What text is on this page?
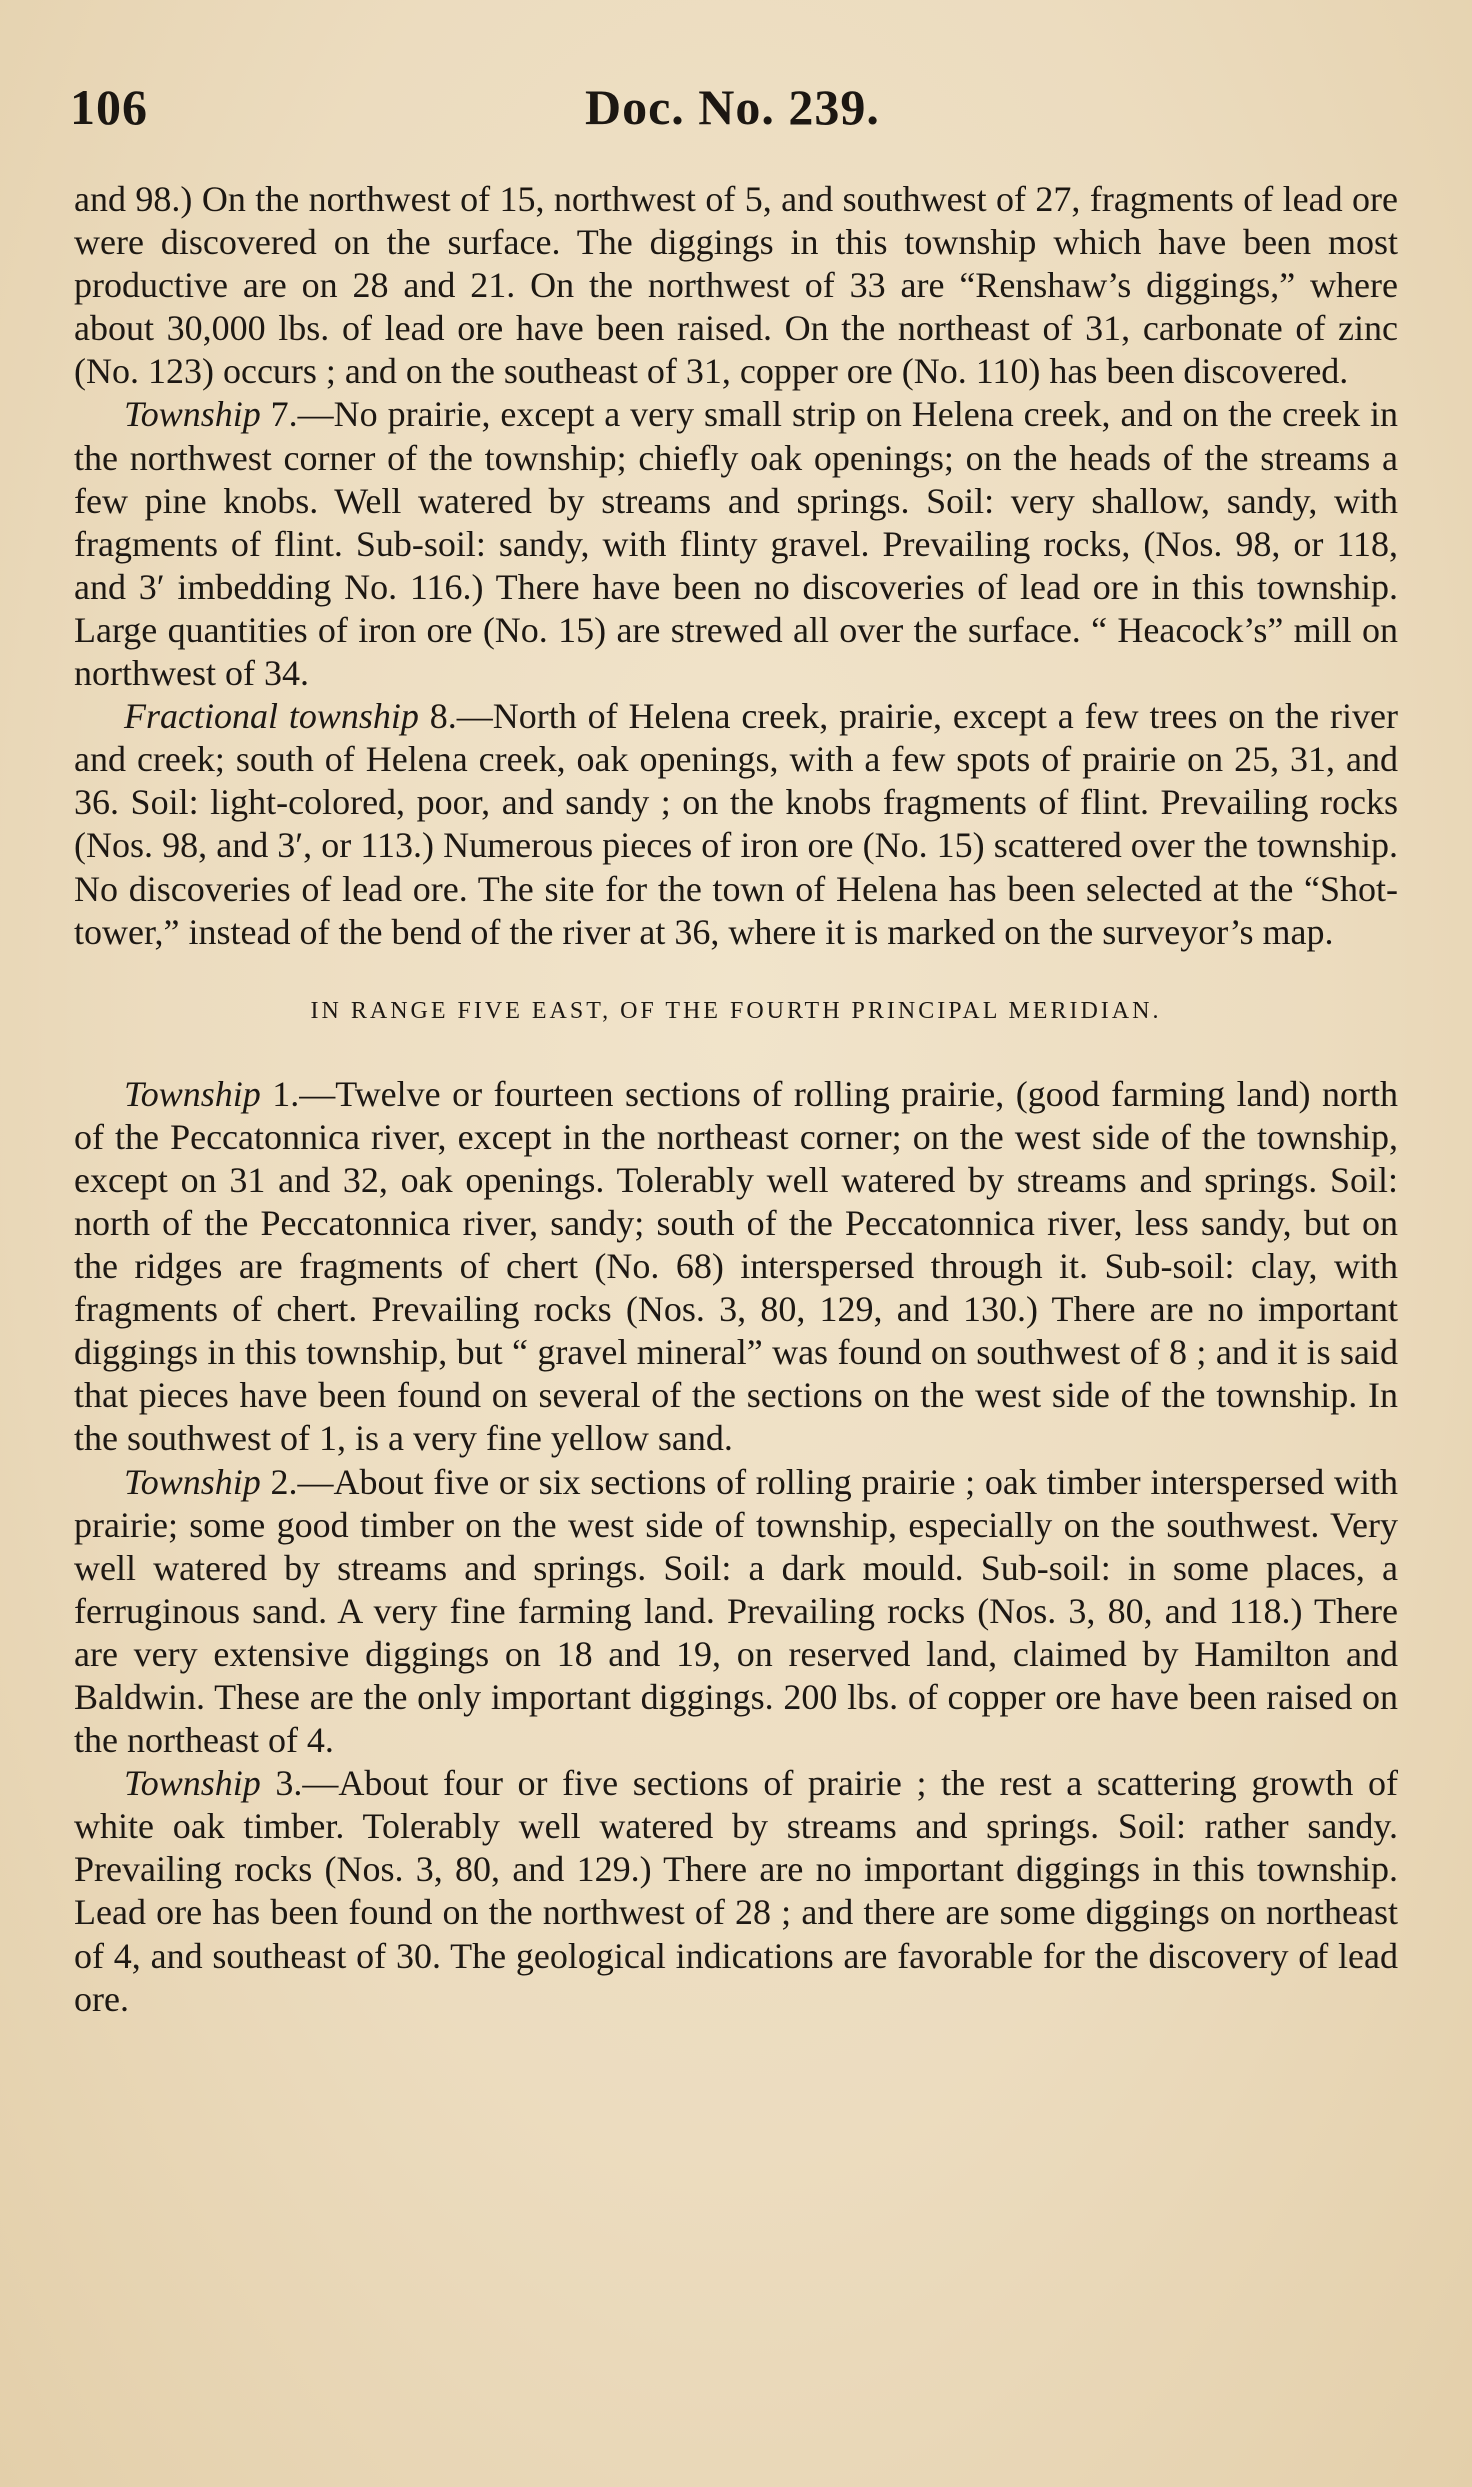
106	Doc. No. 239.

and 98.) On the northwest of 15, northwest of 5, and southwest of 27, fragments of lead ore were discovered on the surface. The diggings in this township which have been most productive are on 28 and 21. On the northwest of 33 are “Renshaw’s diggings,” where about 30,000 lbs. of lead ore have been raised. On the northeast of 31, carbonate of zinc (No. 123) occurs ; and on the southeast of 31, copper ore (No. 110) has been discovered.

Township 7.—No prairie, except a very small strip on Helena creek, and on the creek in the northwest corner of the township; chiefly oak openings; on the heads of the streams a few pine knobs. Well watered by streams and springs. Soil: very shallow, sandy, with fragments of flint. Sub-soil: sandy, with flinty gravel. Prevailing rocks, (Nos. 98, or 118, and 3′ imbedding No. 116.) There have been no discoveries of lead ore in this township. Large quantities of iron ore (No. 15) are strewed all over the surface. “ Heacock’s” mill on northwest of 34.

Fractional township 8.—North of Helena creek, prairie, except a few trees on the river and creek; south of Helena creek, oak openings, with a few spots of prairie on 25, 31, and 36. Soil: light-colored, poor, and sandy ; on the knobs fragments of flint. Prevailing rocks (Nos. 98, and 3′, or 113.) Numerous pieces of iron ore (No. 15) scattered over the township. No discoveries of lead ore. The site for the town of Helena has been selected at the “Shot-tower,” instead of the bend of the river at 36, where it is marked on the surveyor’s map.

IN RANGE FIVE EAST, OF THE FOURTH PRINCIPAL MERIDIAN.

Township 1.—Twelve or fourteen sections of rolling prairie, (good farming land) north of the Peccatonnica river, except in the northeast corner; on the west side of the township, except on 31 and 32, oak openings. Tolerably well watered by streams and springs. Soil: north of the Peccatonnica river, sandy; south of the Peccatonnica river, less sandy, but on the ridges are fragments of chert (No. 68) interspersed through it. Sub-soil: clay, with fragments of chert. Prevailing rocks (Nos. 3, 80, 129, and 130.) There are no important diggings in this township, but “ gravel mineral” was found on southwest of 8 ; and it is said that pieces have been found on several of the sections on the west side of the township. In the southwest of 1, is a very fine yellow sand.

Township 2.—About five or six sections of rolling prairie ; oak timber interspersed with prairie; some good timber on the west side of township, especially on the southwest. Very well watered by streams and springs. Soil: a dark mould. Sub-soil: in some places, a ferruginous sand. A very fine farming land. Prevailing rocks (Nos. 3, 80, and 118.) There are very extensive diggings on 18 and 19, on reserved land, claimed by Hamilton and Baldwin. These are the only important diggings. 200 lbs. of copper ore have been raised on the northeast of 4.

Township 3.—About four or five sections of prairie ; the rest a scattering growth of white oak timber. Tolerably well watered by streams and springs. Soil: rather sandy. Prevailing rocks (Nos. 3, 80, and 129.) There are no important diggings in this township. Lead ore has been found on the northwest of 28 ; and there are some diggings on northeast of 4, and southeast of 30. The geological indications are favorable for the discovery of lead ore.
